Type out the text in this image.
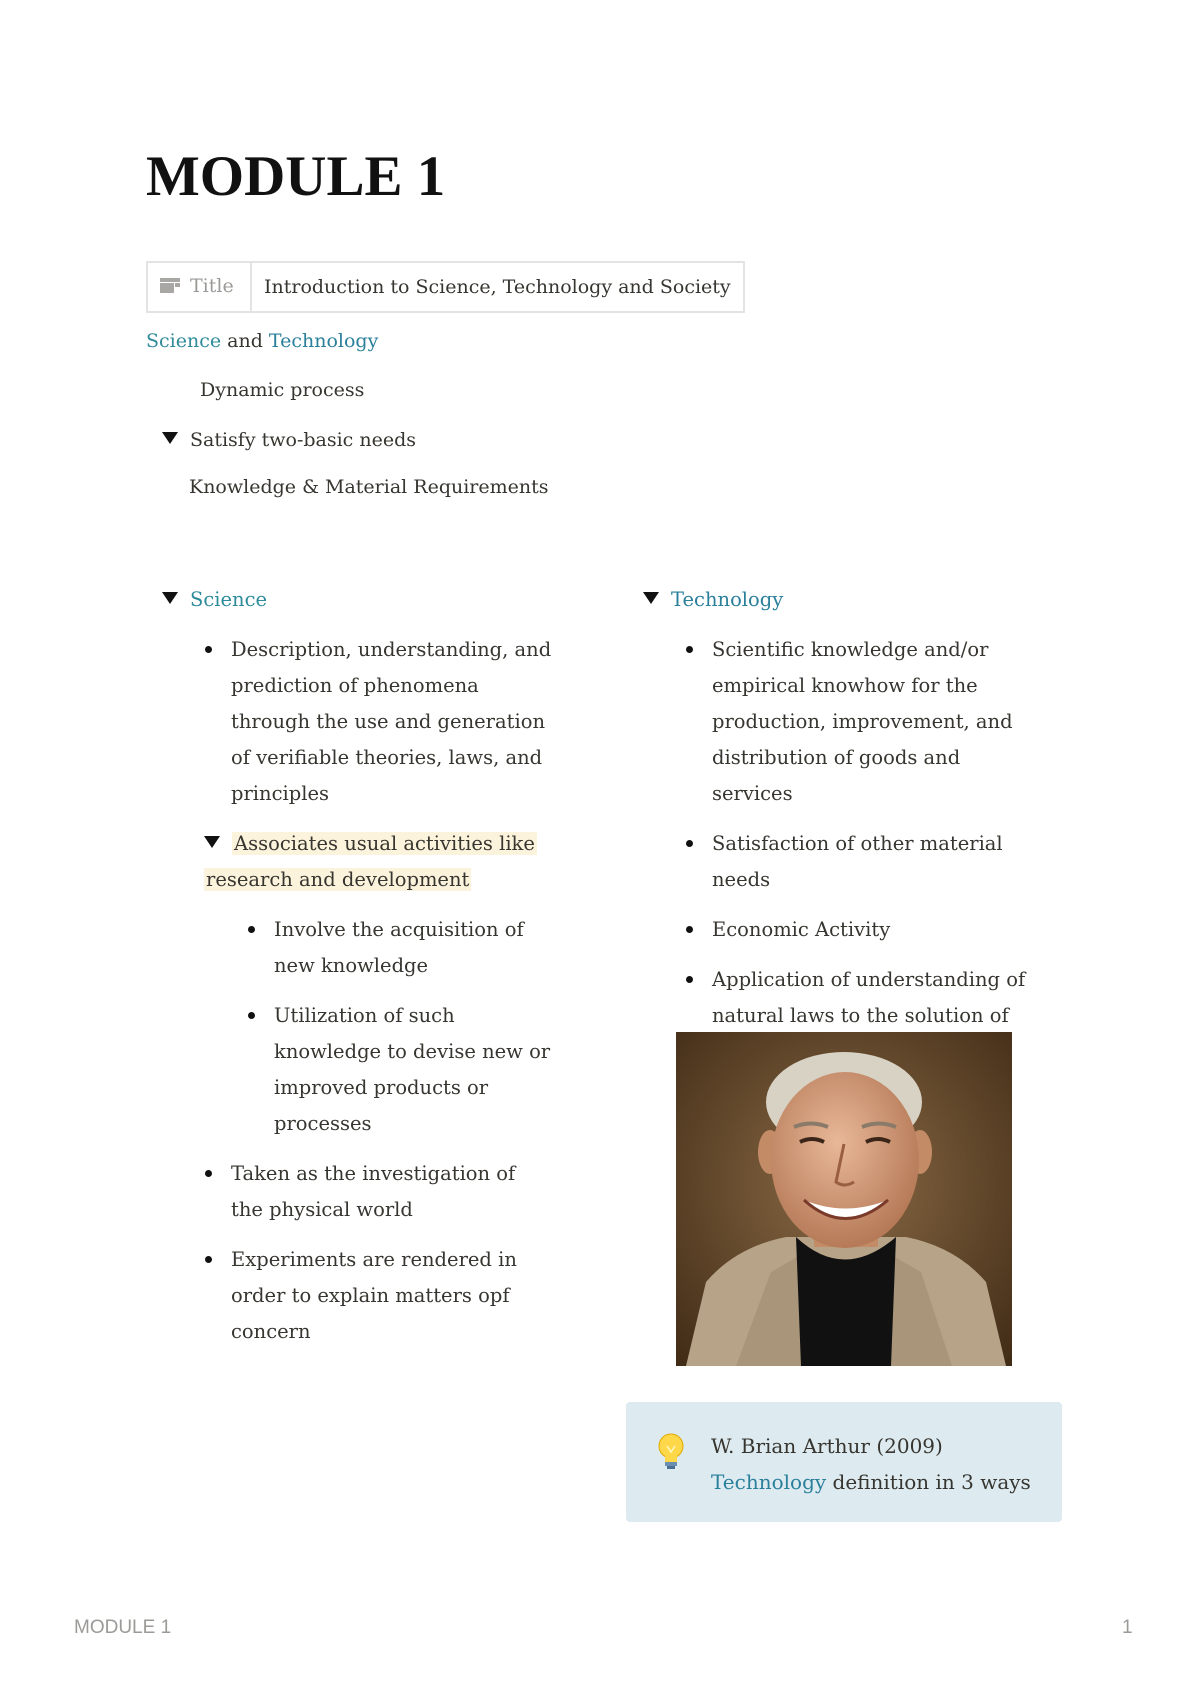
MODULE 1
Title	Introduction to Science, Technology and Society
Science and Technology
Dynamic process
Satisfy two-basic needs
Knowledge & Material Requirements
Science
Description, understanding, and prediction of phenomena through the use and generation of verifiable theories, laws, and principles
Associates usual activities like research and development
Involve the acquisition of new knowledge
Utilization of such knowledge to devise new or improved products or processes
Taken as the investigation of the physical world
Experiments are rendered in order to explain matters opf concern
Technology
Scientific knowledge and/or empirical knowhow for the production, improvement, and distribution of goods and services
Satisfaction of other material needs
Economic Activity
Application of understanding of natural laws to the solution of
W. Brian Arthur (2009)
Technology definition in 3 ways
MODULE 1	1
